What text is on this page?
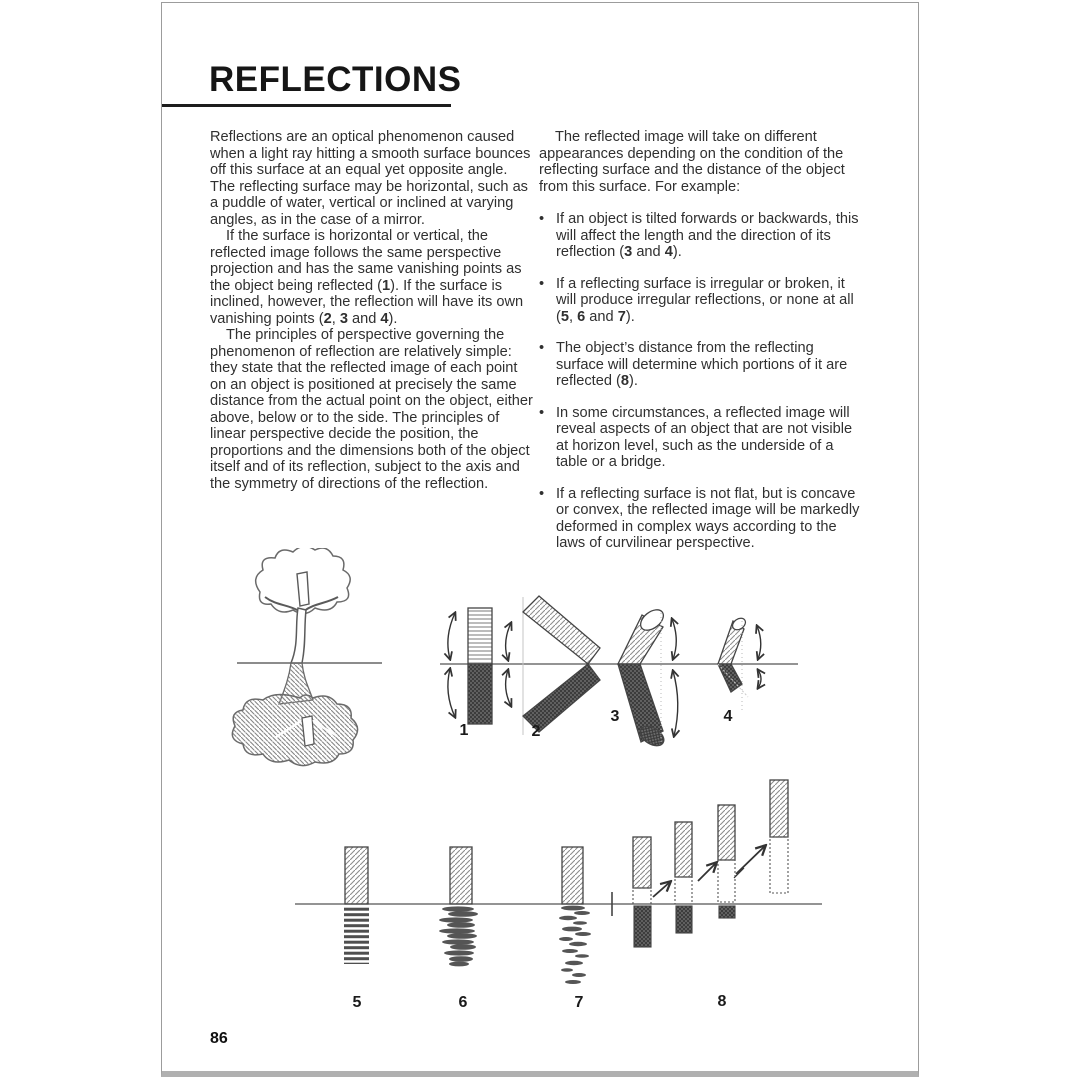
REFLECTIONS

Reflections are an optical phenomenon caused when a light ray hitting a smooth surface bounces off this surface at an equal yet opposite angle. The reflecting surface may be horizontal, such as a puddle of water, vertical or inclined at varying angles, as in the case of a mirror.

If the surface is horizontal or vertical, the reflected image follows the same perspective projection and has the same vanishing points as the object being reflected (1). If the surface is inclined, however, the reflection will have its own vanishing points (2, 3 and 4).

The principles of perspective governing the phenomenon of reflection are relatively simple: they state that the reflected image of each point on an object is positioned at precisely the same distance from the actual point on the object, either above, below or to the side. The principles of linear perspective decide the position, the proportions and the dimensions both of the object itself and of its reflection, subject to the axis and the symmetry of directions of the reflection.

The reflected image will take on different appearances depending on the condition of the reflecting surface and the distance of the object from this surface. For example:

• If an object is tilted forwards or backwards, this will affect the length and the direction of its reflection (3 and 4).
• If a reflecting surface is irregular or broken, it will produce irregular reflections, or none at all (5, 6 and 7).
• The object’s distance from the reflecting surface will determine which portions of it are reflected (8).
• In some circumstances, a reflected image will reveal aspects of an object that are not visible at horizon level, such as the underside of a table or a bridge.
• If a reflecting surface is not flat, but is concave or convex, the reflected image will be markedly deformed in complex ways according to the laws of curvilinear perspective.
1	2
3	4
5	6	7	8
86
